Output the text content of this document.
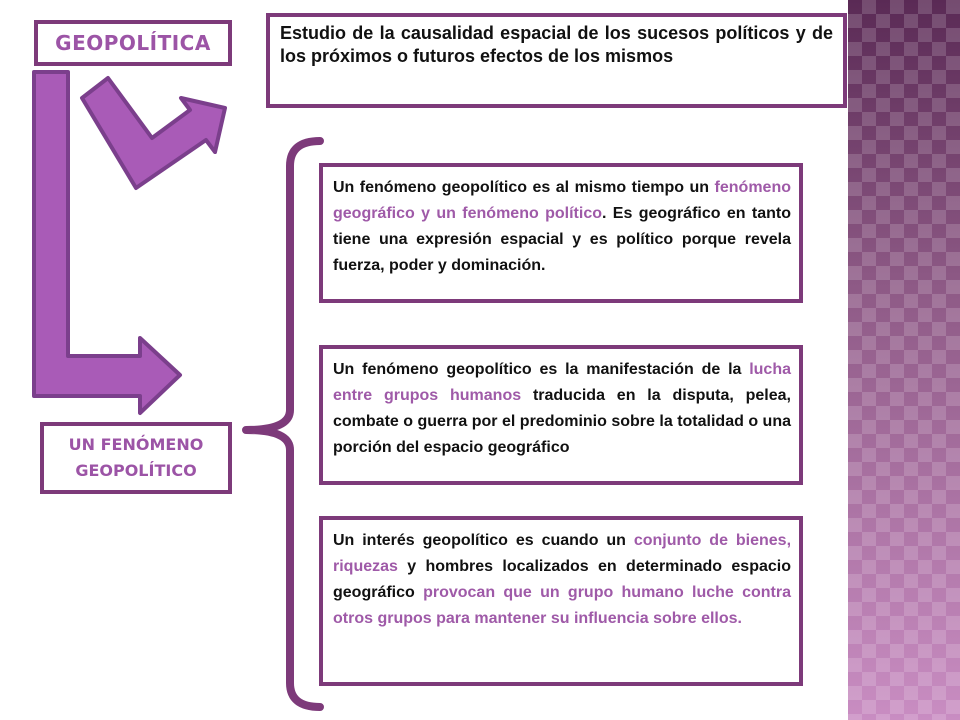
GEOPOLÍTICA	Estudio de la causalidad espacial de los sucesos políticos y de los próximos o futuros efectos de los mismos
UN FENÓMENO
GEOPOLÍTICO
Un fenómeno geopolítico es al mismo tiempo un fenómeno geográfico y un fenómeno político. Es geográfico en tanto tiene una expresión espacial y es político porque revela fuerza, poder y dominación.
Un fenómeno geopolítico es la manifestación de la lucha entre grupos humanos traducida en la disputa, pelea, combate o guerra por el predominio sobre la totalidad o una porción del espacio geográfico
Un interés geopolítico es cuando un conjunto de bienes, riquezas y hombres localizados en determinado espacio geográfico provocan que un grupo humano luche contra otros grupos para mantener su influencia sobre ellos.
